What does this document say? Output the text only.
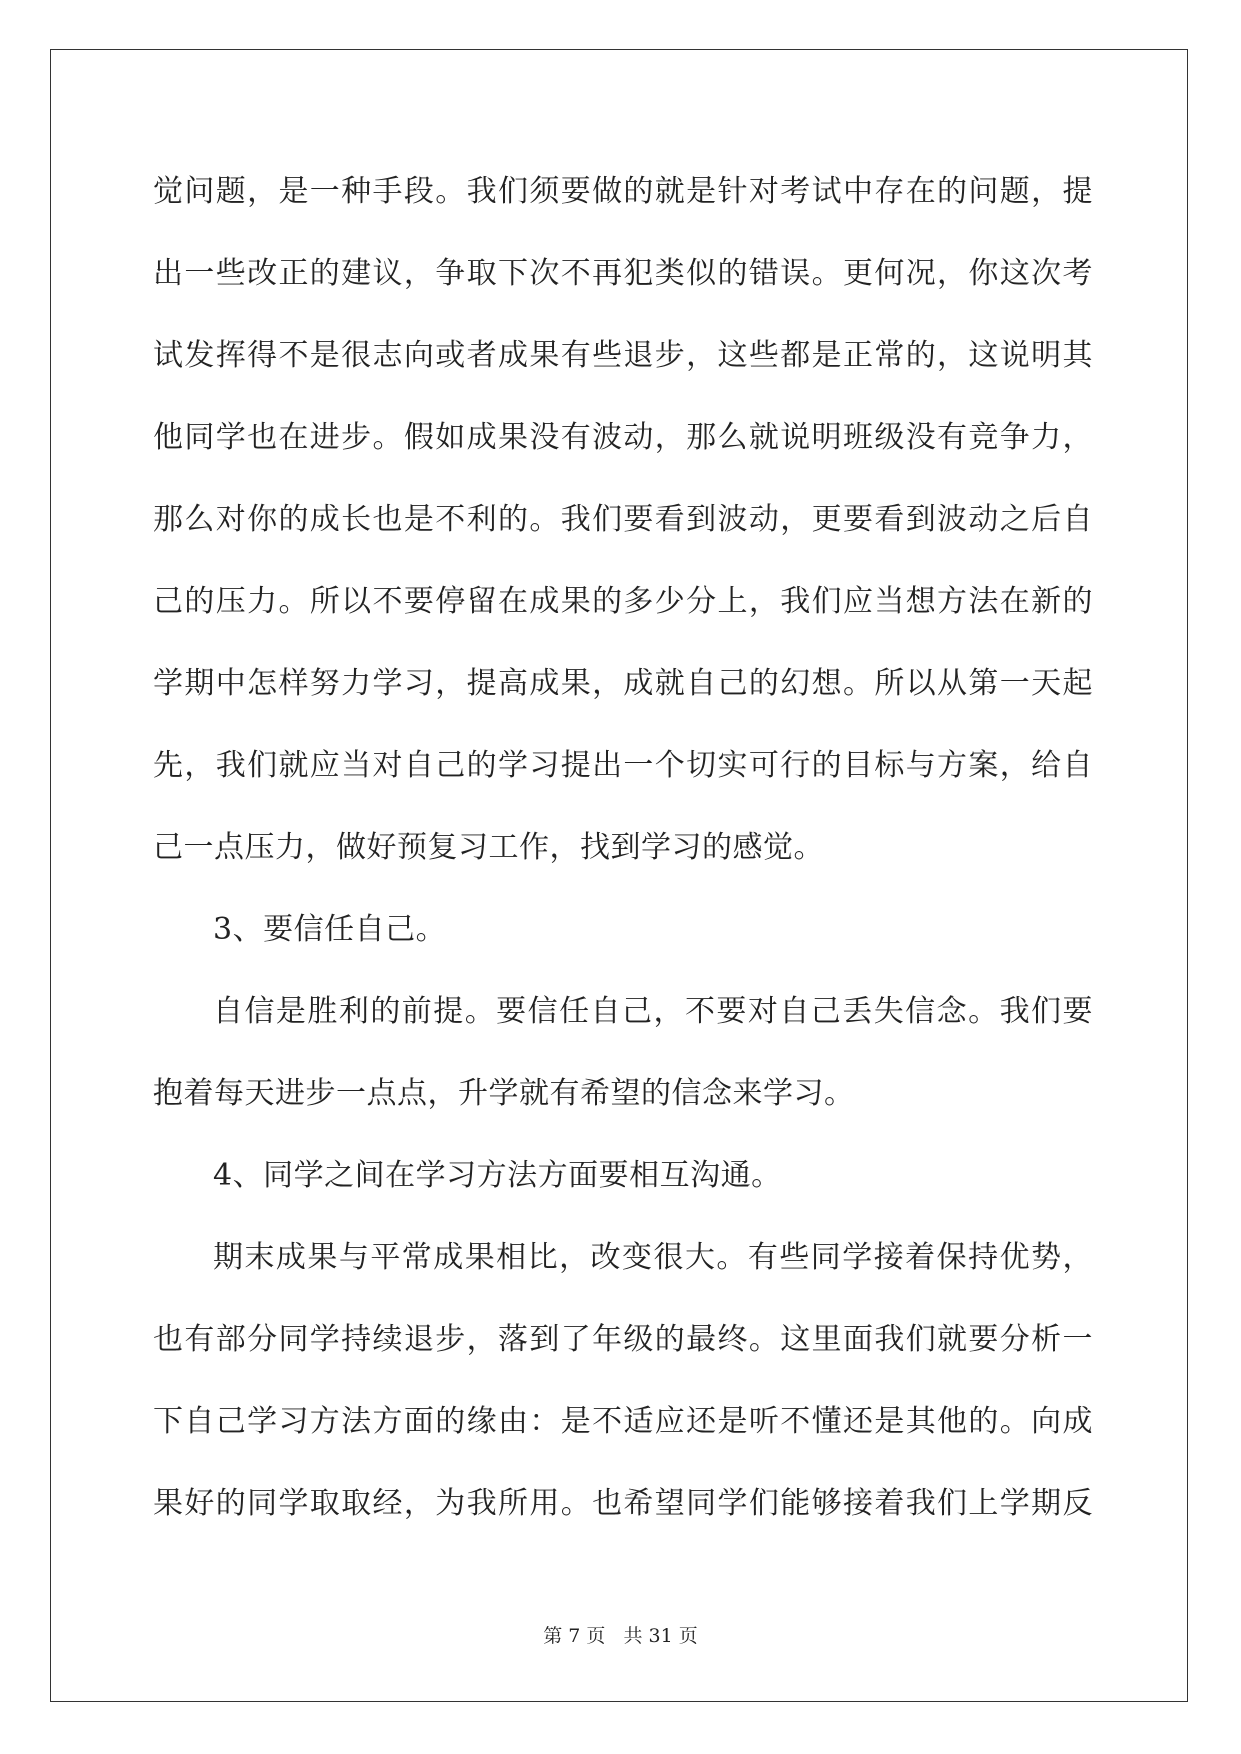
觉问题，是一种手段。我们须要做的就是针对考试中存在的问题，提
出一些改正的建议，争取下次不再犯类似的错误。更何况，你这次考
试发挥得不是很志向或者成果有些退步，这些都是正常的，这说明其
他同学也在进步。假如成果没有波动，那么就说明班级没有竞争力，
那么对你的成长也是不利的。我们要看到波动，更要看到波动之后自
己的压力。所以不要停留在成果的多少分上，我们应当想方法在新的
学期中怎样努力学习，提高成果，成就自己的幻想。所以从第一天起
先，我们就应当对自己的学习提出一个切实可行的目标与方案，给自
己一点压力，做好预复习工作，找到学习的感觉。
3、要信任自己。
自信是胜利的前提。要信任自己，不要对自己丢失信念。我们要
抱着每天进步一点点，升学就有希望的信念来学习。
4、同学之间在学习方法方面要相互沟通。
期末成果与平常成果相比，改变很大。有些同学接着保持优势，
也有部分同学持续退步，落到了年级的最终。这里面我们就要分析一
下自己学习方法方面的缘由：是不适应还是听不懂还是其他的。向成
果好的同学取取经，为我所用。也希望同学们能够接着我们上学期反
第 7 页 共 31 页
